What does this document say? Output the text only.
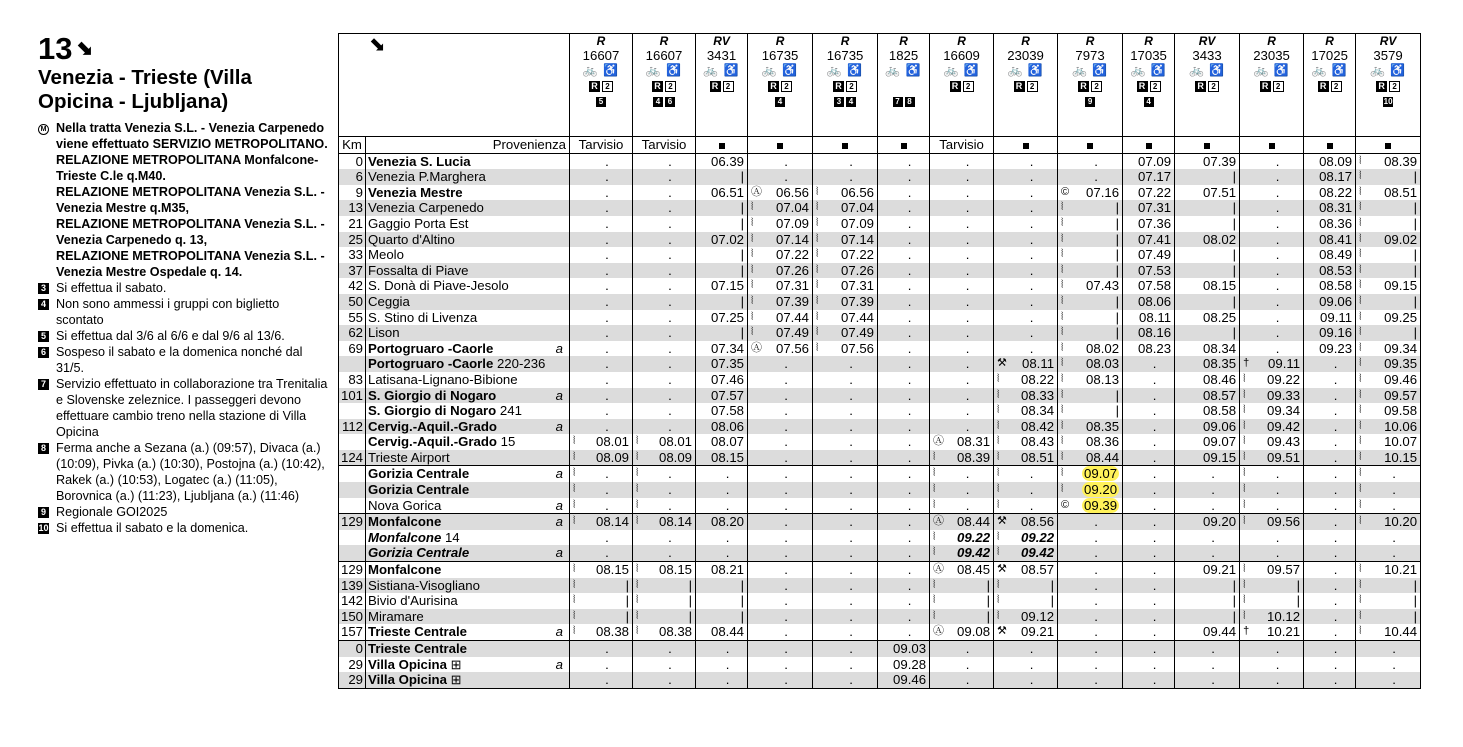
13 ⬊
Venezia - Trieste (Villa Opicina - Ljubljana)
M Nella tratta Venezia S.L. - Venezia Carpenedo viene effettuato SERVIZIO METROPOLITANO.
RELAZIONE METROPOLITANA Monfalcone-Trieste C.le q.M40.
RELAZIONE METROPOLITANA Venezia S.L. - Venezia Mestre q.M35,
RELAZIONE METROPOLITANA Venezia S.L. - Venezia Carpenedo q. 13,
RELAZIONE METROPOLITANA Venezia S.L. - Venezia Mestre Ospedale q. 14.
3 Si effettua il sabato.
4 Non sono ammessi i gruppi con biglietto scontato
5 Si effettua dal 3/6 al 6/6 e dal 9/6 al 13/6.
6 Sospeso il sabato e la domenica nonché dal 31/5.
7 Servizio effettuato in collaborazione tra Trenitalia e Slovenske zeleznice. I passeggeri devono effettuare cambio treno nella stazione di Villa Opicina
8 Ferma anche a Sezana (a.) (09:57), Divaca (a.) (10:09), Pivka (a.) (10:30), Postojna (a.) (10:42), Rakek (a.) (10:53), Logatec (a.) (11:05), Borovnica (a.) (11:23), Ljubljana (a.) (11:46)
9 Regionale GOI2025
10 Si effettua il sabato e la domenica.
⬊		R
16607
🚲 ♿
R 2
5	R
16607
🚲 ♿
R 2
4 6	RV
3431
🚲 ♿
R 2	R
16735
🚲 ♿
R 2
4	R
16735
🚲 ♿
R 2
3 4	R
1825
🚲 ♿
7 8	R
16609
🚲 ♿
R 2	R
23039
🚲 ♿
R 2	R
7973
🚲 ♿
R 2
9	R
17035
🚲 ♿
R 2
4	RV
3433
🚲 ♿
R 2	R
23035
🚲 ♿
R 2	R
17025
🚲 ♿
R 2	RV
3579
🚲 ♿
R 2
10

Km	Provenienza	Tarvisio	Tarvisio					Tarvisio							
0	Venezia S. Lucia	.	.	06.39	.	.	.	.	.	.	07.09	07.39	.	08.09	⦚ 08.39

6	Venezia P.Marghera	.	.	|	.	.	.	.	.	.	07.17	|	.	08.17	⦚ |

9	Venezia Mestre	.	.	06.51	Ⓐ 06.56	⦚ 06.56	.	.	.	© 07.16	07.22	07.51	.	08.22	⦚ 08.51

13	Venezia Carpenedo	.	.	|	⦚ 07.04	⦚ 07.04	.	.	.	⦚ |	07.31	|	.	08.31	⦚ |

21	Gaggio Porta Est	.	.	|	⦚ 07.09	⦚ 07.09	.	.	.	⦚ |	07.36	|	.	08.36	⦚ |

25	Quarto d'Altino	.	.	07.02	⦚ 07.14	⦚ 07.14	.	.	.	⦚ |	07.41	08.02	.	08.41	⦚ 09.02

33	Meolo	.	.	|	⦚ 07.22	⦚ 07.22	.	.	.	⦚ |	07.49	|	.	08.49	⦚ |

37	Fossalta di Piave	.	.	|	⦚ 07.26	⦚ 07.26	.	.	.	⦚ |	07.53	|	.	08.53	⦚ |

42	S. Donà di Piave-Jesolo	.	.	07.15	⦚ 07.31	⦚ 07.31	.	.	.	⦚ 07.43	07.58	08.15	.	08.58	⦚ 09.15

50	Ceggia	.	.	|	⦚ 07.39	⦚ 07.39	.	.	.	⦚ |	08.06	|	.	09.06	⦚ |

55	S. Stino di Livenza	.	.	07.25	⦚ 07.44	⦚ 07.44	.	.	.	⦚ |	08.11	08.25	.	09.11	⦚ 09.25

62	Lison	.	.	|	⦚ 07.49	⦚ 07.49	.	.	.	⦚ |	08.16	|	.	09.16	⦚ |

69	Portogruaro -Caorle a	.	.	07.34	Ⓐ 07.56	⦚ 07.56	.	.	.	⦚ 08.02	08.23	08.34	.	09.23	⦚ 09.34

	Portogruaro -Caorle 220-236	.	.	07.35	.	.	.	.	⚒ 08.11	⦚ 08.03	.	08.35	† 09.11	.	⦚ 09.35

83	Latisana-Lignano-Bibione	.	.	07.46	.	.	.	.	⦚ 08.22	⦚ 08.13	.	08.46	⦚ 09.22	.	⦚ 09.46

101	S. Giorgio di Nogaro a	.	.	07.57	.	.	.	.	⦚ 08.33	⦚ |	.	08.57	⦚ 09.33	.	⦚ 09.57

	S. Giorgio di Nogaro 241	.	.	07.58	.	.	.	.	⦚ 08.34	⦚ |	.	08.58	⦚ 09.34	.	⦚ 09.58

112	Cervig.-Aquil.-Grado a	.	.	08.06	.	.	.	.	⦚ 08.42	⦚ 08.35	.	09.06	⦚ 09.42	.	⦚ 10.06

	Cervig.-Aquil.-Grado 15	⦚ 08.01	⦚ 08.01	08.07	.	.	.	Ⓐ 08.31	⦚ 08.43	⦚ 08.36	.	09.07	⦚ 09.43	.	⦚ 10.07

124	Trieste Airport	⦚ 08.09	⦚ 08.09	08.15	.	.	.	⦚ 08.39	⦚ 08.51	⦚ 08.44	.	09.15	⦚ 09.51	.	⦚ 10.15

	Gorizia Centrale a	⦚ .	⦚ .	.	.	.	.	⦚ .	⦚ .	⦚ 09.07	.	.	⦚ .	.	⦚ .

	Gorizia Centrale	⦚ .	⦚ .	.	.	.	.	⦚ .	⦚ .	⦚ 09.20	.	.	⦚ .	.	⦚ .

	Nova Gorica a	⦚ .	⦚ .	.	.	.	.	⦚ .	⦚ .	© 09.39	.	.	⦚ .	.	⦚ .

129	Monfalcone a	⦚ 08.14	⦚ 08.14	08.20	.	.	.	Ⓐ 08.44	⚒ 08.56	.	.	09.20	⦚ 09.56	.	⦚ 10.20

	Monfalcone 14	.	.	.	.	.	.	⦚ 09.22	⦚ 09.22	.	.	.	.	.	.

	Gorizia Centrale a	.	.	.	.	.	.	⦚ 09.42	⦚ 09.42	.	.	.	.	.	.

129	Monfalcone	⦚ 08.15	⦚ 08.15	08.21	.	.	.	Ⓐ 08.45	⚒ 08.57	.	.	09.21	⦚ 09.57	.	⦚ 10.21

139	Sistiana-Visogliano	⦚ |	⦚ |	|	.	.	.	⦚ |	⦚ |	.	.	|	⦚ |	.	⦚ |

142	Bivio d'Aurisina	⦚ |	⦚ |	|	.	.	.	⦚ |	⦚ |	.	.	|	⦚ |	.	⦚ |

150	Miramare	⦚ |	⦚ |	|	.	.	.	⦚ |	⦚ 09.12	.	.	|	⦚ 10.12	.	⦚ |

157	Trieste Centrale a	⦚ 08.38	⦚ 08.38	08.44	.	.	.	Ⓐ 09.08	⚒ 09.21	.	.	09.44	† 10.21	.	⦚ 10.44

0	Trieste Centrale	.	.	.	.	.	09.03	.	.	.	.	.	.	.	.

29	Villa Opicina ⊞ a	.	.	.	.	.	09.28	.	.	.	.	.	.	.	.

29	Villa Opicina ⊞	.	.	.	.	.	09.46	.	.	.	.	.	.	.	.
